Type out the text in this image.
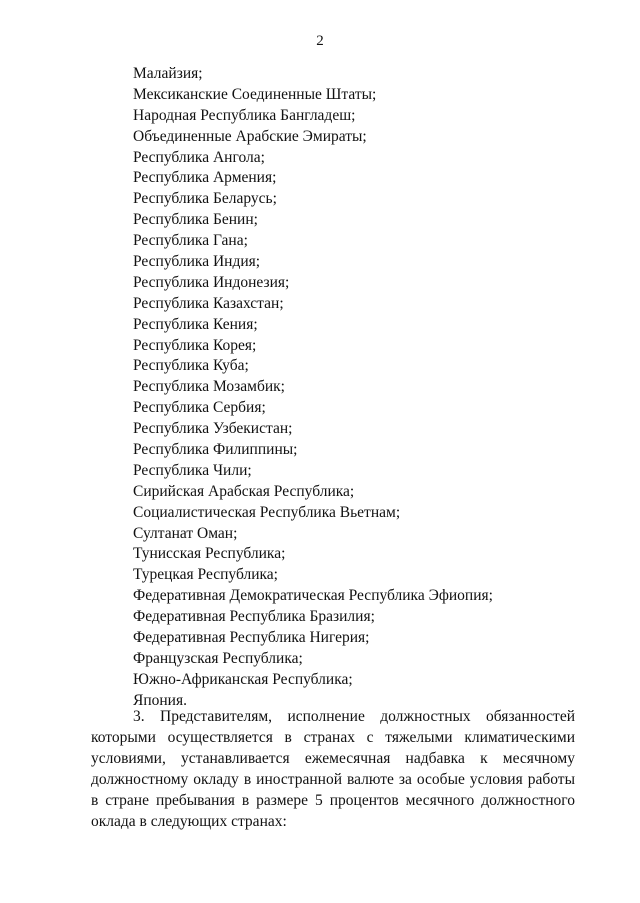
2
Малайзия;
Мексиканские Соединенные Штаты;
Народная Республика Бангладеш;
Объединенные Арабские Эмираты;
Республика Ангола;
Республика Армения;
Республика Беларусь;
Республика Бенин;
Республика Гана;
Республика Индия;
Республика Индонезия;
Республика Казахстан;
Республика Кения;
Республика Корея;
Республика Куба;
Республика Мозамбик;
Республика Сербия;
Республика Узбекистан;
Республика Филиппины;
Республика Чили;
Сирийская Арабская Республика;
Социалистическая Республика Вьетнам;
Султанат Оман;
Тунисская Республика;
Турецкая Республика;
Федеративная Демократическая Республика Эфиопия;
Федеративная Республика Бразилия;
Федеративная Республика Нигерия;
Французская Республика;
Южно-Африканская Республика;
Япония.

3. Представителям, исполнение должностных обязанностей
которыми осуществляется в странах с тяжелыми климатическими
условиями, устанавливается ежемесячная надбавка к месячному
должностному окладу в иностранной валюте за особые условия работы
в стране пребывания в размере 5 процентов месячного должностного
оклада в следующих странах:
